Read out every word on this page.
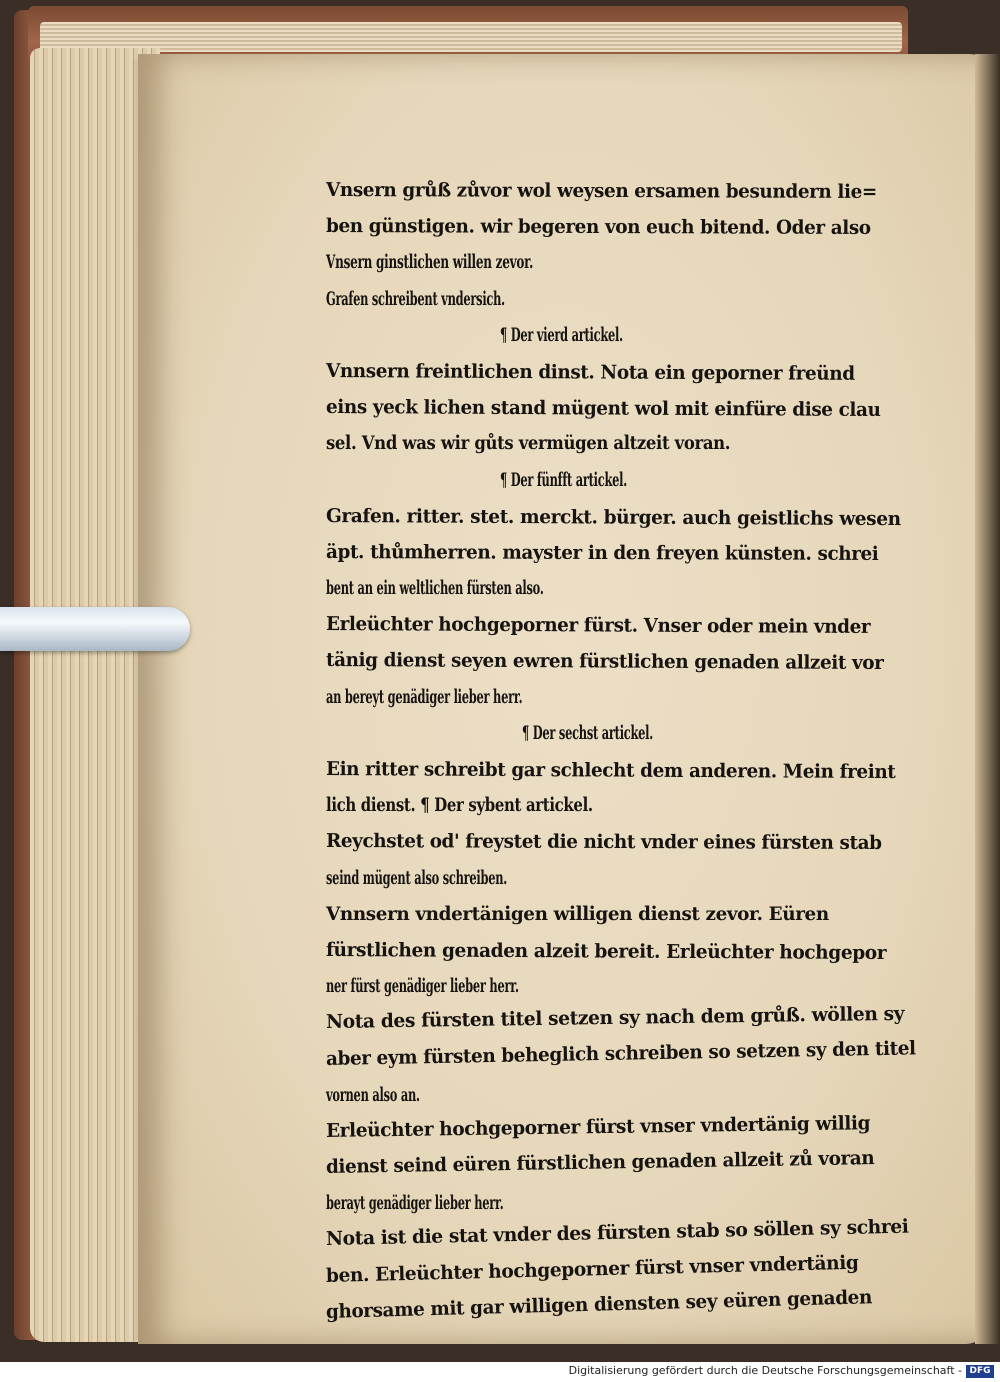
Vnsern grůß zůvor wol weysen ersamen besundern lie=
ben günstigen. wir begeren von euch bitend. Oder also
Vnsern ginstlichen willen zevor.
Grafen schreibent vndersich.
¶ Der vierd artickel.
Vnnsern freintlichen dinst. Nota ein geporner freünd
eins yeck lichen stand mügent wol mit einfüre dise clau
sel. Vnd was wir gůts vermügen altzeit voran.
¶ Der fünfft artickel.
Grafen. ritter. stet. merckt. bürger. auch geistlichs wesen
äpt. thůmherren. mayster in den freyen künsten. schrei
bent an ein weltlichen fürsten also.
Erleüchter hochgeporner fürst. Vnser oder mein vnder
tänig dienst seyen ewren fürstlichen genaden allzeit vor
an bereyt genädiger lieber herr.
¶ Der sechst artickel.
Ein ritter schreibt gar schlecht dem anderen. Mein freint
lich dienst. ¶ Der sybent artickel.
Reychstet od' freystet die nicht vnder eines fürsten stab
seind mügent also schreiben.
Vnnsern vndertänigen willigen dienst zevor. Eüren
fürstlichen genaden alzeit bereit. Erleüchter hochgepor
ner fürst genädiger lieber herr.
Nota des fürsten titel setzen sy nach dem grůß. wöllen sy
aber eym fürsten beheglich schreiben so setzen sy den titel
vornen also an.
Erleüchter hochgeporner fürst vnser vndertänig willig
dienst seind eüren fürstlichen genaden allzeit zů voran
berayt genädiger lieber herr.
Nota ist die stat vnder des fürsten stab so söllen sy schrei
ben. Erleüchter hochgeporner fürst vnser vndertänig
ghorsame mit gar willigen diensten sey eüren genaden
Digitalisierung gefördert durch die Deutsche Forschungsgemeinschaft - DFG
